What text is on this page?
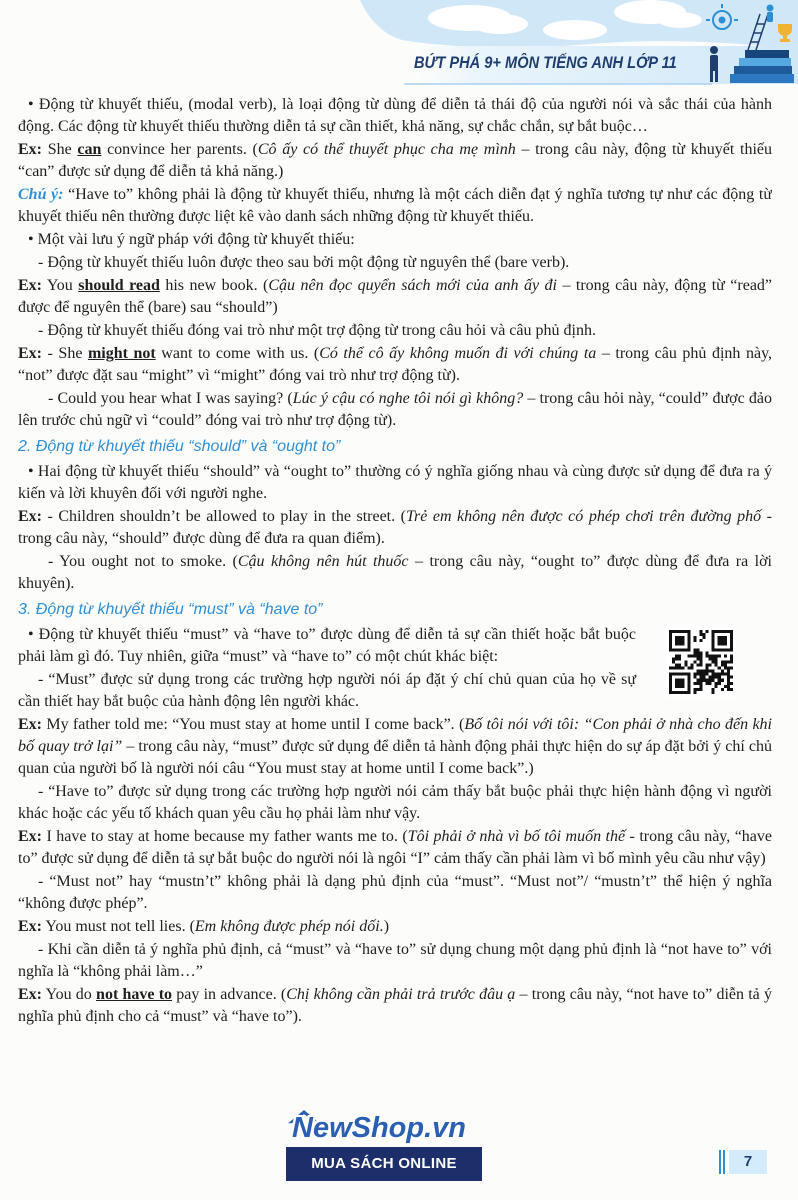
BỨT PHÁ 9+ MÔN TIẾNG ANH LỚP 11

• Động từ khuyết thiếu, (modal verb), là loại động từ dùng để diễn tả thái độ của người nói và sắc thái của hành động. Các động từ khuyết thiếu thường diễn tả sự cần thiết, khả năng, sự chắc chắn, sự bắt buộc…

Ex: She can convince her parents. (Cô ấy có thể thuyết phục cha mẹ mình – trong câu này, động từ khuyết thiếu “can” được sử dụng để diễn tả khả năng.)

Chú ý: “Have to” không phải là động từ khuyết thiếu, nhưng là một cách diễn đạt ý nghĩa tương tự như các động từ khuyết thiếu nên thường được liệt kê vào danh sách những động từ khuyết thiếu.

• Một vài lưu ý ngữ pháp với động từ khuyết thiếu:

- Động từ khuyết thiếu luôn được theo sau bởi một động từ nguyên thể (bare verb).

Ex: You should read his new book. (Cậu nên đọc quyển sách mới của anh ấy đi – trong câu này, động từ “read” được để nguyên thể (bare) sau “should”)

- Động từ khuyết thiếu đóng vai trò như một trợ động từ trong câu hỏi và câu phủ định.

Ex: - She might not want to come with us. (Có thể cô ấy không muốn đi với chúng ta – trong câu phủ định này, “not” được đặt sau “might” vì “might” đóng vai trò như trợ động từ).

- Could you hear what I was saying? (Lúc ý cậu có nghe tôi nói gì không? – trong câu hỏi này, “could” được đảo lên trước chủ ngữ vì “could” đóng vai trò như trợ động từ).

2. Động từ khuyết thiếu “should” và “ought to”

• Hai động từ khuyết thiếu “should” và “ought to” thường có ý nghĩa giống nhau và cùng được sử dụng để đưa ra ý kiến và lời khuyên đối với người nghe.

Ex: - Children shouldn’t be allowed to play in the street. (Trẻ em không nên được có phép chơi trên đường phố - trong câu này, “should” được dùng để đưa ra quan điểm).

- You ought not to smoke. (Cậu không nên hút thuốc – trong câu này, “ought to” được dùng để đưa ra lời khuyên).

3. Động từ khuyết thiếu “must” và “have to”

• Động từ khuyết thiếu “must” và “have to” được dùng để diễn tả sự cần thiết hoặc bắt buộc phải làm gì đó. Tuy nhiên, giữa “must” và “have to” có một chút khác biệt:

- “Must” được sử dụng trong các trường hợp người nói áp đặt ý chí chủ quan của họ về sự cần thiết hay bắt buộc của hành động lên người khác.

Ex: My father told me: “You must stay at home until I come back”. (Bố tôi nói với tôi: “Con phải ở nhà cho đến khi bố quay trở lại” – trong câu này, “must” được sử dụng để diễn tả hành động phải thực hiện do sự áp đặt bởi ý chí chủ quan của người bố là người nói câu “You must stay at home until I come back”.)

- “Have to” được sử dụng trong các trường hợp người nói cảm thấy bắt buộc phải thực hiện hành động vì người khác hoặc các yếu tố khách quan yêu cầu họ phải làm như vậy.

Ex: I have to stay at home because my father wants me to. (Tôi phải ở nhà vì bố tôi muốn thế - trong câu này, “have to” được sử dụng để diễn tả sự bắt buộc do người nói là ngôi “I” cảm thấy cần phải làm vì bố mình yêu cầu như vậy)

- “Must not” hay “mustn’t” không phải là dạng phủ định của “must”. “Must not”/ “mustn’t” thể hiện ý nghĩa “không được phép”.

Ex: You must not tell lies. (Em không được phép nói dối.)

- Khi cần diễn tả ý nghĩa phủ định, cả “must” và “have to” sử dụng chung một dạng phủ định là “not have to” với nghĩa là “không phải làm…”

Ex: You do not have to pay in advance. (Chị không cần phải trả trước đâu ạ – trong câu này, “not have to” diễn tả ý nghĩa phủ định cho cả “must” và “have to”).

NewShop.vn
MUA SÁCH ONLINE	7
